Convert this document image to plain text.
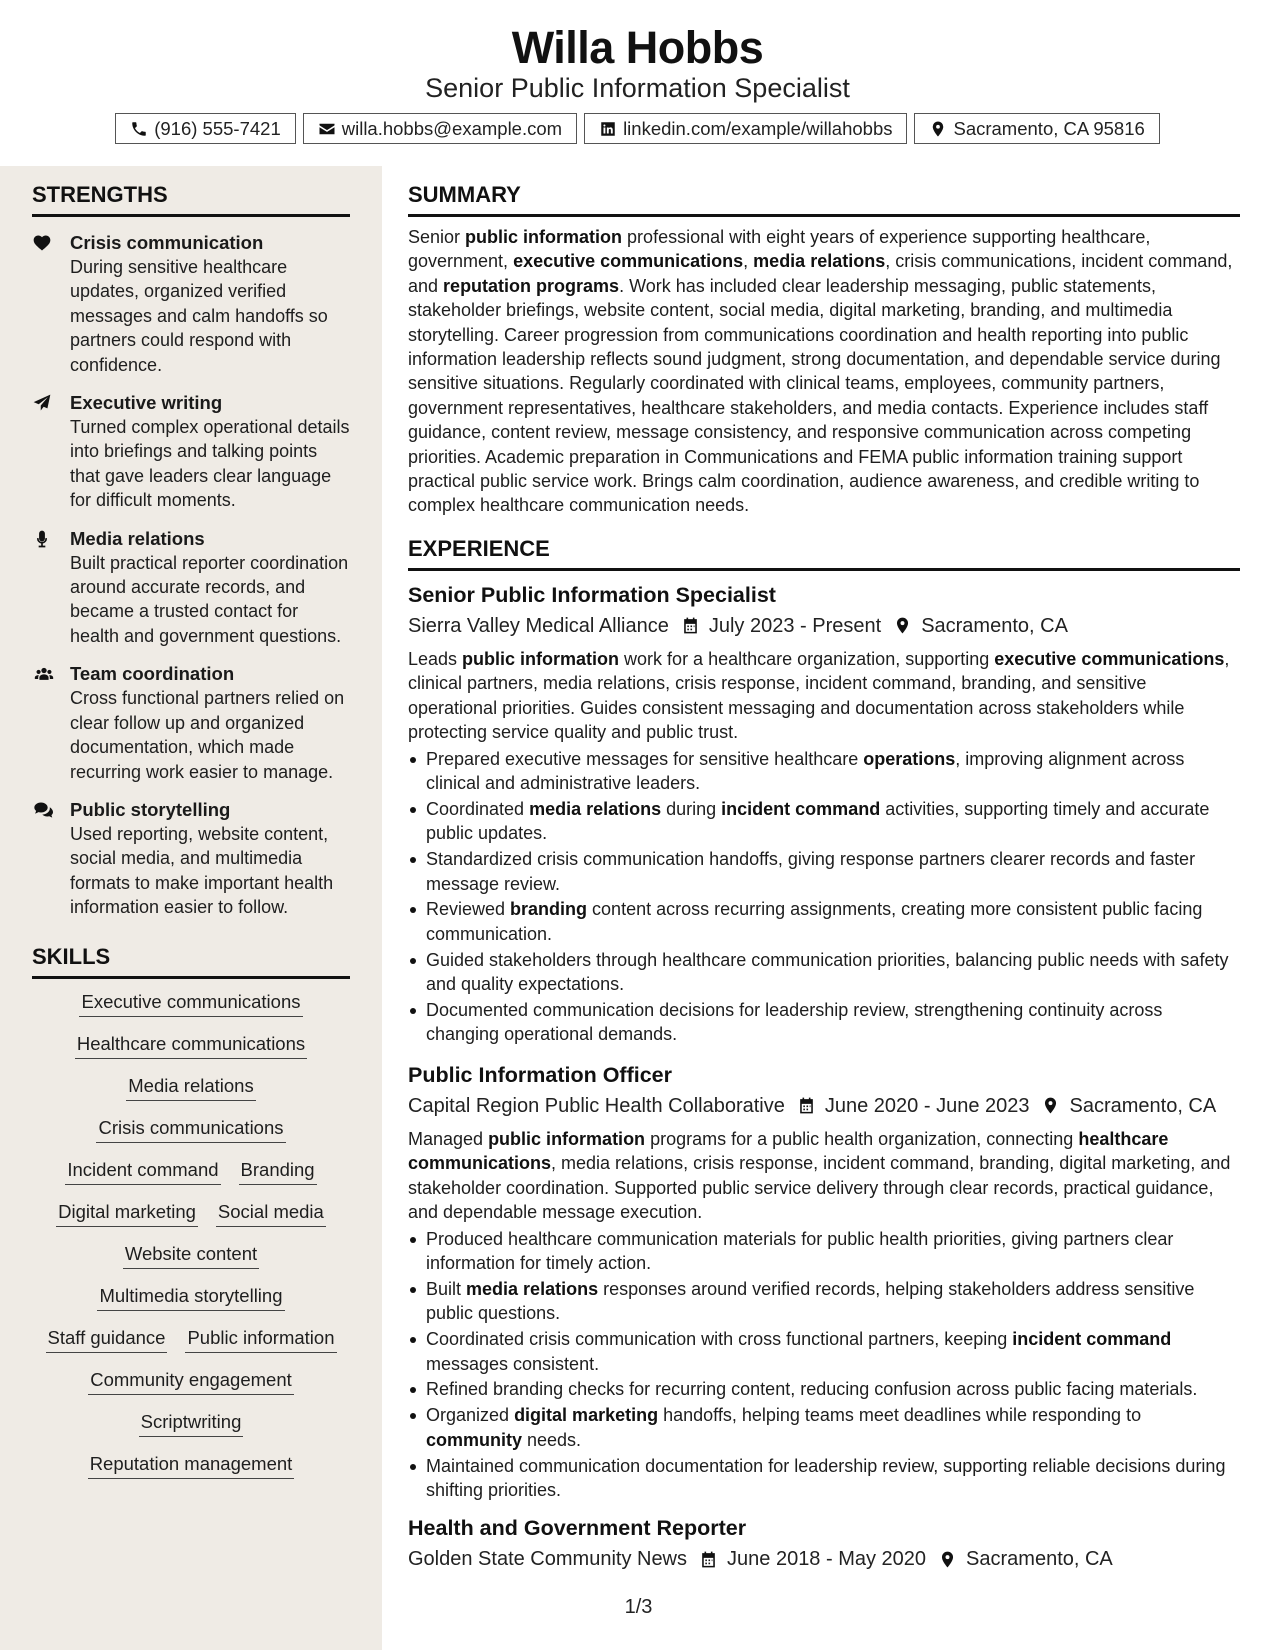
Willa Hobbs
Senior Public Information Specialist
(916) 555-7421	willa.hobbs@example.com	linkedin.com/example/willahobbs	Sacramento, CA 95816
STRENGTHS
Crisis communication
During sensitive healthcare updates, organized verified messages and calm handoffs so partners could respond with confidence.
Executive writing
Turned complex operational details into briefings and talking points that gave leaders clear language for difficult moments.
Media relations
Built practical reporter coordination around accurate records, and became a trusted contact for health and government questions.
Team coordination
Cross functional partners relied on clear follow up and organized documentation, which made recurring work easier to manage.
Public storytelling
Used reporting, website content, social media, and multimedia formats to make important health information easier to follow.
SKILLS
Executive communications
Healthcare communications
Media relations
Crisis communications
Incident command Branding
Digital marketing Social media
Website content
Multimedia storytelling
Staff guidance Public information
Community engagement
Scriptwriting
Reputation management
SUMMARY

Senior public information professional with eight years of experience supporting healthcare, government, executive communications, media relations, crisis communications, incident command, and reputation programs. Work has included clear leadership messaging, public statements, stakeholder briefings, website content, social media, digital marketing, branding, and multimedia storytelling. Career progression from communications coordination and health reporting into public information leadership reflects sound judgment, strong documentation, and dependable service during sensitive situations. Regularly coordinated with clinical teams, employees, community partners, government representatives, healthcare stakeholders, and media contacts. Experience includes staff guidance, content review, message consistency, and responsive communication across competing priorities. Academic preparation in Communications and FEMA public information training support practical public service work. Brings calm coordination, audience awareness, and credible writing to complex healthcare communication needs.

EXPERIENCE
Senior Public Information Specialist
Sierra Valley Medical Alliance July 2023 - Present Sacramento, CA

Leads public information work for a healthcare organization, supporting executive communications, clinical partners, media relations, crisis response, incident command, branding, and sensitive operational priorities. Guides consistent messaging and documentation across stakeholders while protecting service quality and public trust.

Prepared executive messages for sensitive healthcare operations, improving alignment across clinical and administrative leaders.
Coordinated media relations during incident command activities, supporting timely and accurate public updates.
Standardized crisis communication handoffs, giving response partners clearer records and faster message review.
Reviewed branding content across recurring assignments, creating more consistent public facing communication.
Guided stakeholders through healthcare communication priorities, balancing public needs with safety and quality expectations.
Documented communication decisions for leadership review, strengthening continuity across changing operational demands.
Public Information Officer
Capital Region Public Health Collaborative June 2020 - June 2023 Sacramento, CA

Managed public information programs for a public health organization, connecting healthcare communications, media relations, crisis response, incident command, branding, digital marketing, and stakeholder coordination. Supported public service delivery through clear records, practical guidance, and dependable message execution.

Produced healthcare communication materials for public health priorities, giving partners clear information for timely action.
Built media relations responses around verified records, helping stakeholders address sensitive public questions.
Coordinated crisis communication with cross functional partners, keeping incident command messages consistent.
Refined branding checks for recurring content, reducing confusion across public facing materials.
Organized digital marketing handoffs, helping teams meet deadlines while responding to community needs.
Maintained communication documentation for leadership review, supporting reliable decisions during shifting priorities.
Health and Government Reporter
Golden State Community News June 2018 - May 2020 Sacramento, CA
1/3
